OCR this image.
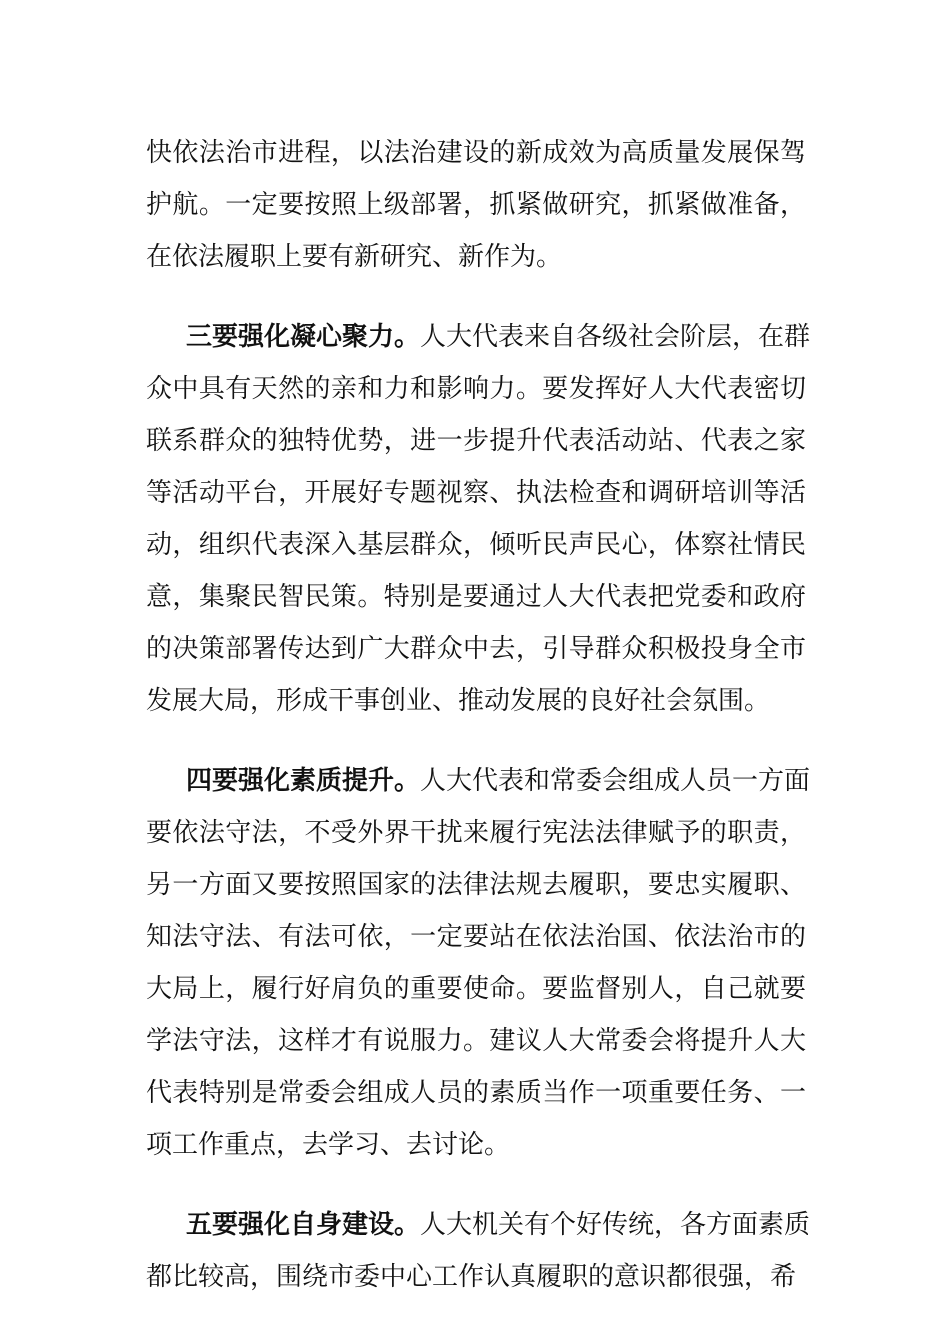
快依法治市进程，以法治建设的新成效为高质量发展保驾
护航。一定要按照上级部署，抓紧做研究，抓紧做准备，
在依法履职上要有新研究、新作为。
三要强化凝心聚力。人大代表来自各级社会阶层，在群
众中具有天然的亲和力和影响力。要发挥好人大代表密切
联系群众的独特优势，进一步提升代表活动站、代表之家
等活动平台，开展好专题视察、执法检查和调研培训等活
动，组织代表深入基层群众，倾听民声民心，体察社情民
意，集聚民智民策。特别是要通过人大代表把党委和政府
的决策部署传达到广大群众中去，引导群众积极投身全市
发展大局，形成干事创业、推动发展的良好社会氛围。
四要强化素质提升。人大代表和常委会组成人员一方面
要依法守法，不受外界干扰来履行宪法法律赋予的职责，
另一方面又要按照国家的法律法规去履职，要忠实履职、
知法守法、有法可依，一定要站在依法治国、依法治市的
大局上，履行好肩负的重要使命。要监督别人，自己就要
学法守法，这样才有说服力。建议人大常委会将提升人大
代表特别是常委会组成人员的素质当作一项重要任务、一
项工作重点，去学习、去讨论。
五要强化自身建设。人大机关有个好传统，各方面素质
都比较高，围绕市委中心工作认真履职的意识都很强，希
